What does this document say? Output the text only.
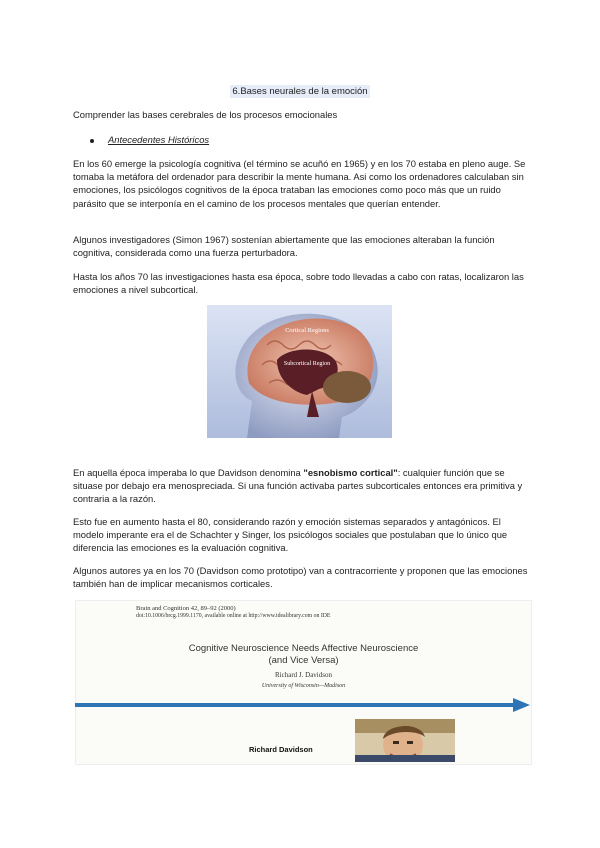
6.Bases neurales de la emoción

Comprender las bases cerebrales de los procesos emocionales

Antecedentes Históricos

En los 60 emerge la psicología cognitiva (el término se acuñó en 1965) y en los 70 estaba en pleno auge. Se tomaba la metáfora del ordenador para describir la mente humana. Asi como los ordenadores calculaban sin emociones, los psicólogos cognitivos de la época trataban las emociones como poco más que un ruido parásito que se interponía en el camino de los procesos mentales que querían entender.

Algunos investigadores (Simon 1967) sostenían abiertamente que las emociones alteraban la función cognitiva, considerada como una fuerza perturbadora.

Hasta los años 70 las investigaciones hasta esa época, sobre todo llevadas a cabo con ratas, localizaron las emociones a nivel subcortical.

Cortical Regions
Subcortical Region

En aquella época imperaba lo que Davidson denomina "esnobismo cortical": cualquier función que se situase por debajo era menospreciada. Si una función activaba partes subcorticales entonces era primitiva y contraria a la razón.

Esto fue en aumento hasta el 80, considerando razón y emoción sistemas separados y antagónicos. El modelo imperante era el de Schachter y Singer, los psicólogos sociales que postulaban que lo único que diferencia las emociones es la evaluación cognitiva.

Algunos autores ya en los 70 (Davidson como prototipo) van a contracorriente y proponen que las emociones también han de implicar mecanismos corticales.

Brain and Cognition 42, 89–92 (2000)
doi:10.1006/brcg.1999.1170, available online at http://www.idealibrary.com on IDE
Cognitive Neuroscience Needs Affective Neuroscience
(and Vice Versa)
Richard J. Davidson
University of Wisconsin—Madison
Richard Davidson
